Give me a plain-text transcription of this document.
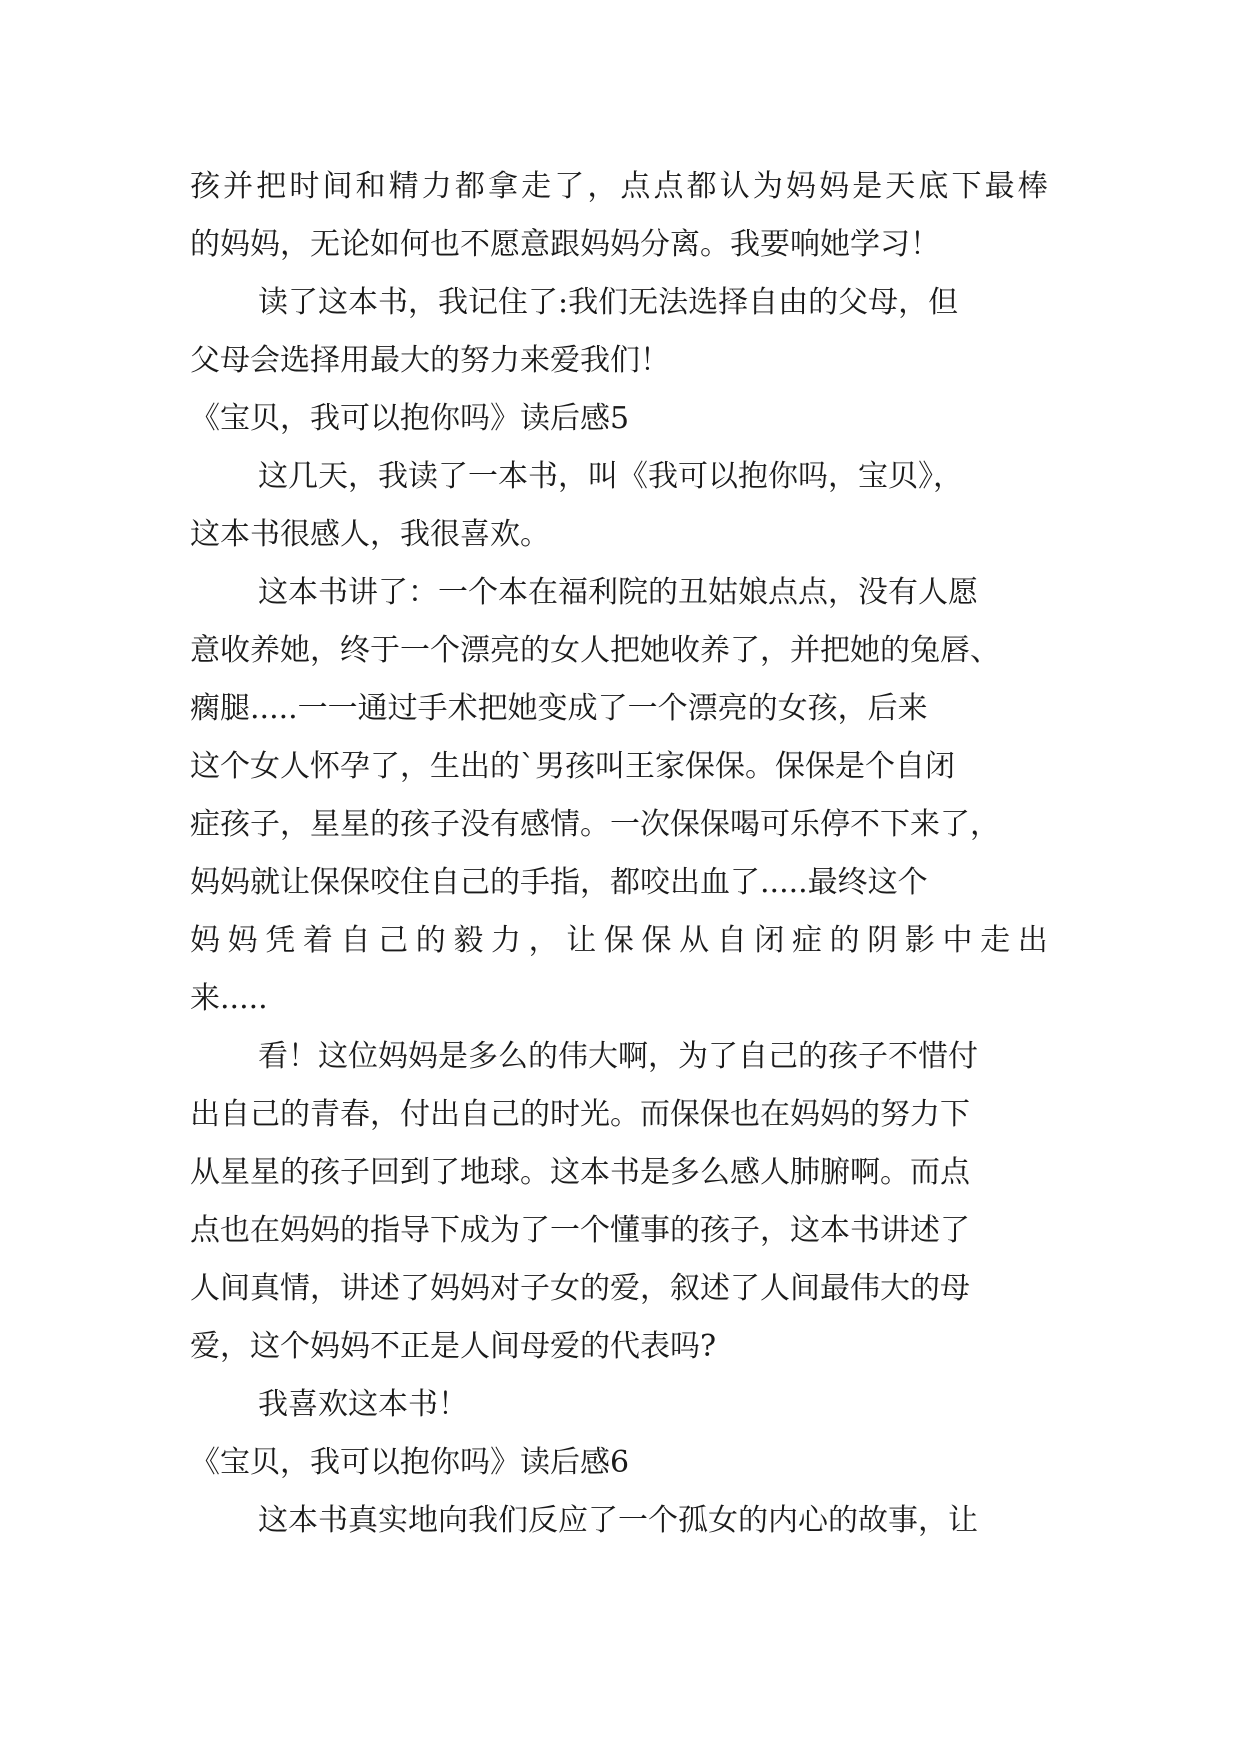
孩 并 把 时 间 和 精 力 都 拿 走 了 ， 点 点 都 认 为 妈 妈 是 天 底 下 最 棒
的妈妈，无论如何也不愿意跟妈妈分离。我要响她学习！
读了这本书，我记住了:我们无法选择自由的父母，但
父母会选择用最大的努力来爱我们！
《宝贝，我可以抱你吗》读后感5
这几天，我读了一本书，叫《我可以抱你吗，宝贝》，
这本书很感人，我很喜欢。
这本书讲了：一个本在福利院的丑姑娘点点，没有人愿
意收养她，终于一个漂亮的女人把她收养了，并把她的兔唇、
瘸腿.....一一通过手术把她变成了一个漂亮的女孩，后来
这个女人怀孕了，生出的`男孩叫王家保保。保保是个自闭
症孩子，星星的孩子没有感情。一次保保喝可乐停不下来了，
妈妈就让保保咬住自己的手指，都咬出血了.....最终这个
妈 妈 凭 着 自 己 的 毅 力 ， 让 保 保 从 自 闭 症 的 阴 影 中 走 出
来.....
看！这位妈妈是多么的伟大啊，为了自己的孩子不惜付
出自己的青春，付出自己的时光。而保保也在妈妈的努力下
从星星的孩子回到了地球。这本书是多么感人肺腑啊。而点
点也在妈妈的指导下成为了一个懂事的孩子，这本书讲述了
人间真情，讲述了妈妈对子女的爱，叙述了人间最伟大的母
爱，这个妈妈不正是人间母爱的代表吗?
我喜欢这本书！
《宝贝，我可以抱你吗》读后感6
这本书真实地向我们反应了一个孤女的内心的故事，让
